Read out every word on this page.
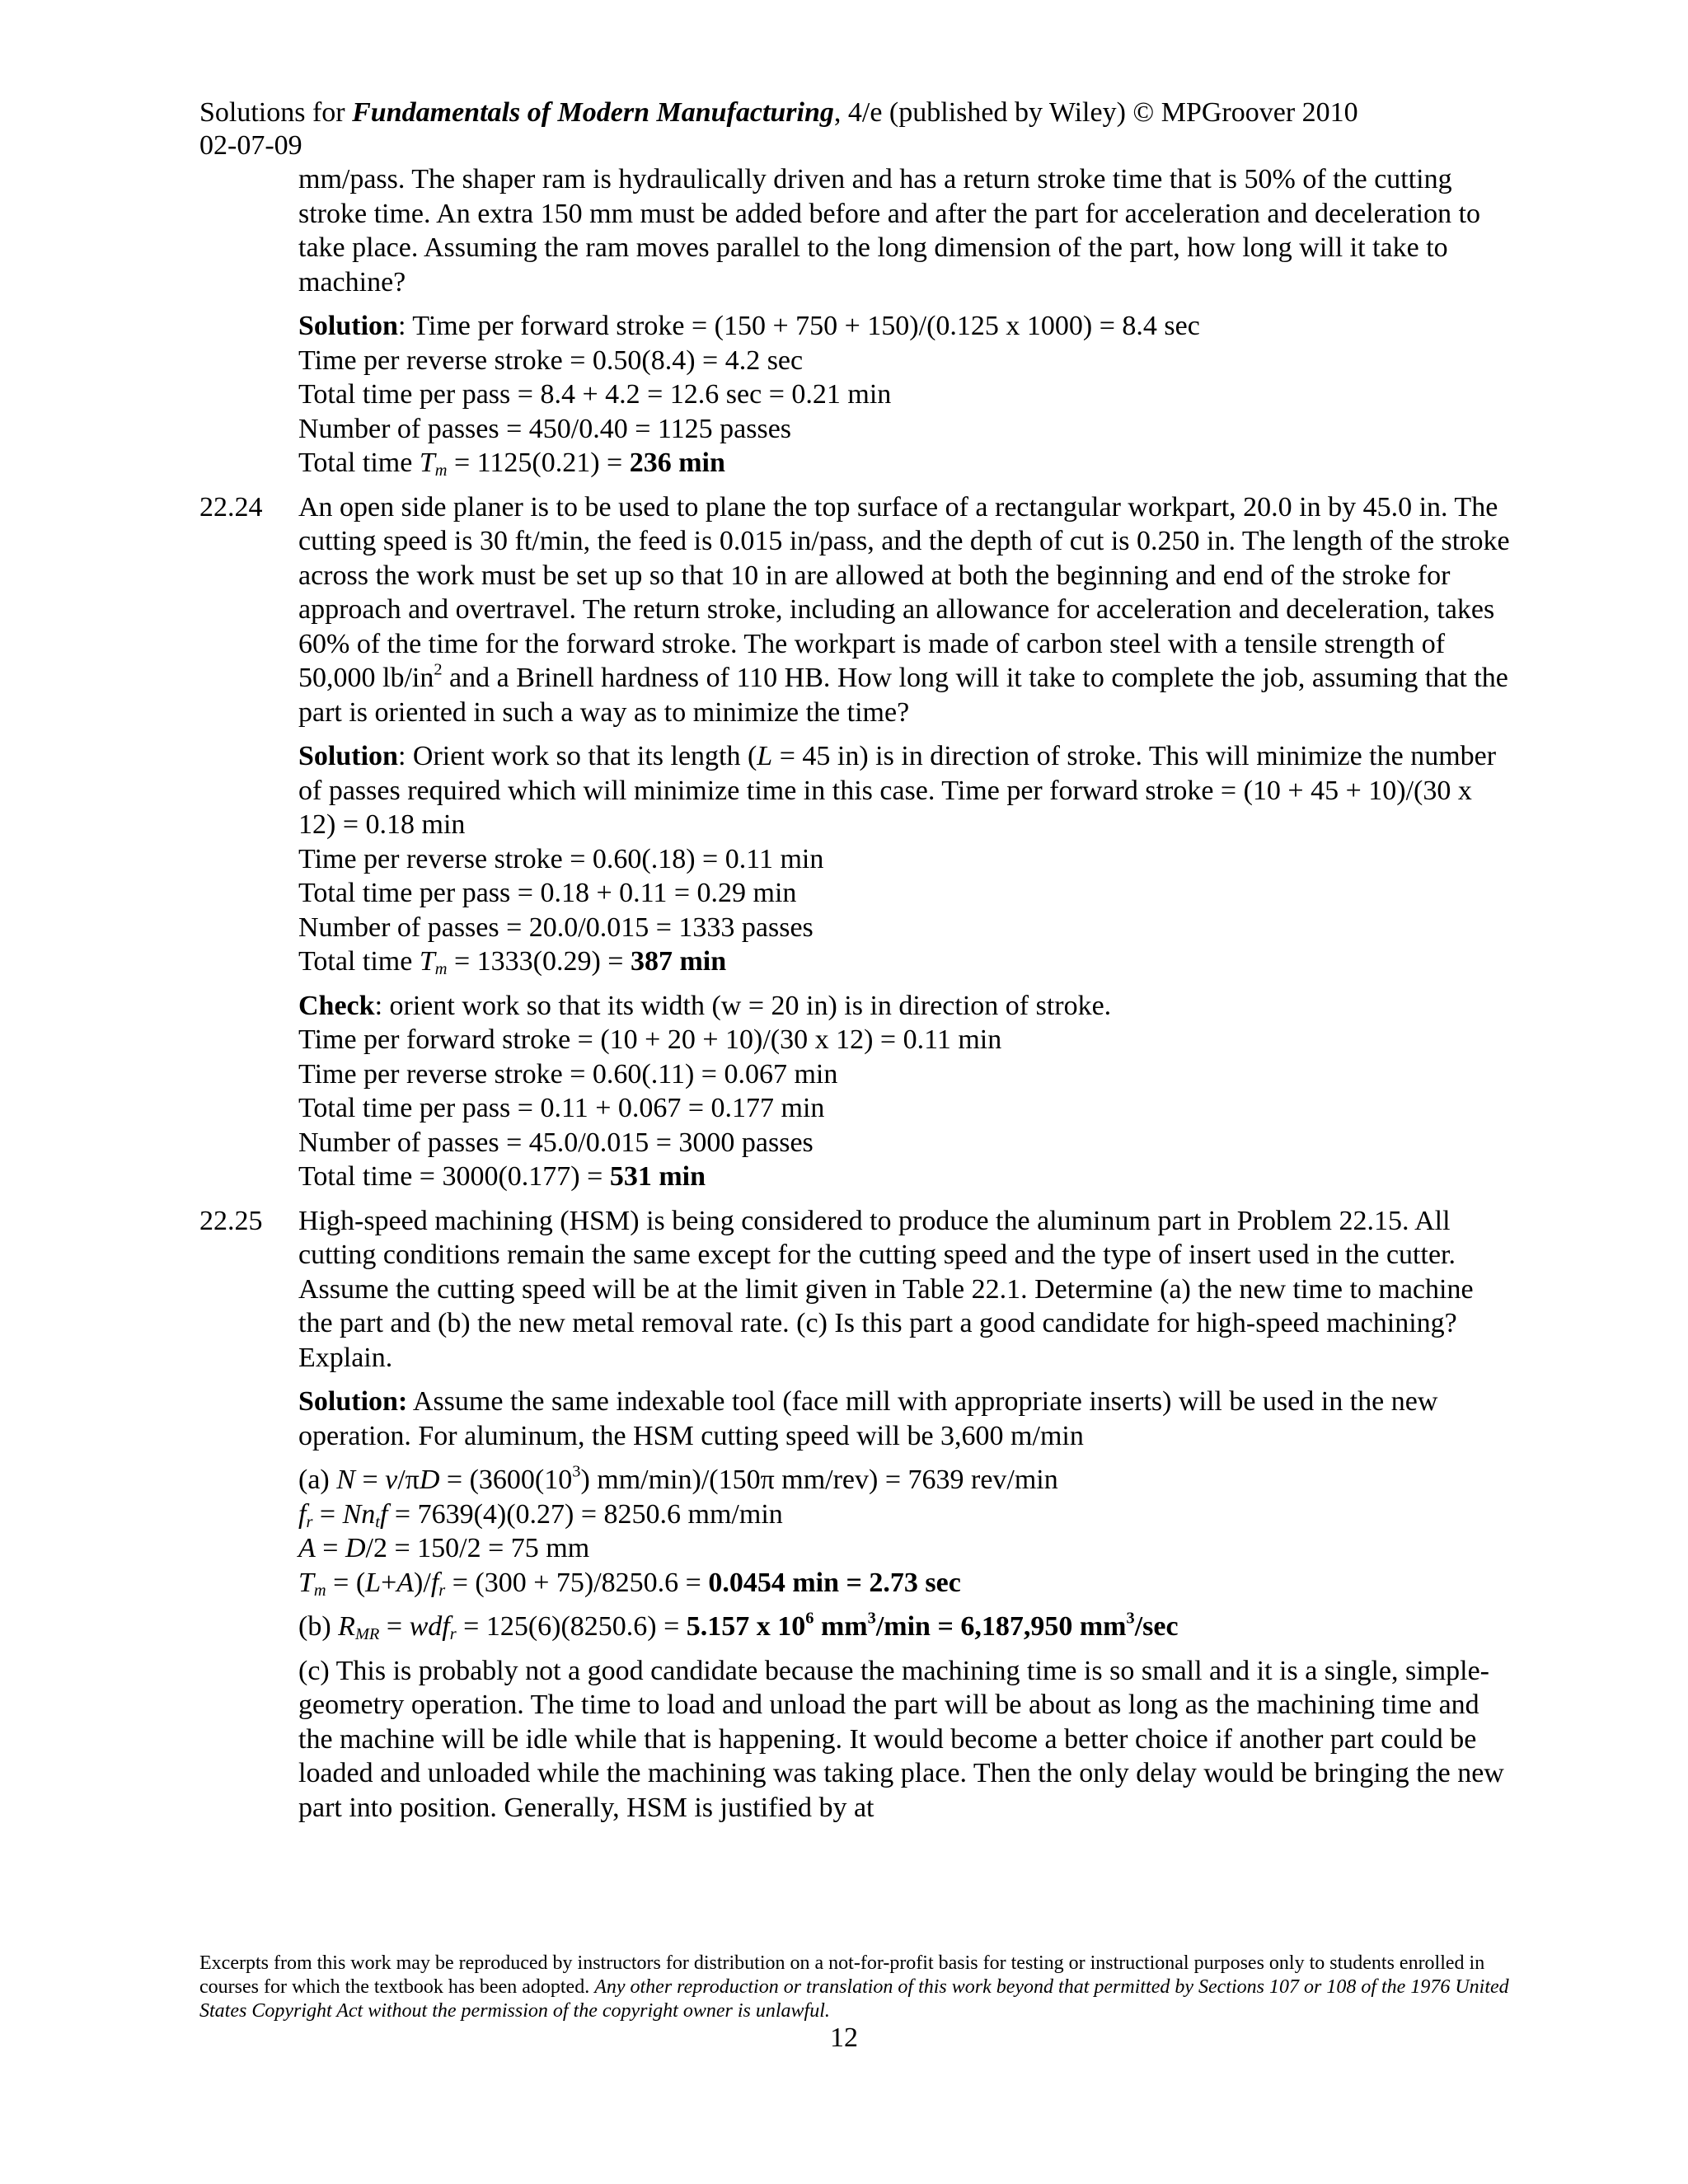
Solutions for Fundamentals of Modern Manufacturing, 4/e (published by Wiley) © MPGroover 2010
02-07-09

mm/pass. The shaper ram is hydraulically driven and has a return stroke time that is 50% of the cutting stroke time. An extra 150 mm must be added before and after the part for acceleration and deceleration to take place. Assuming the ram moves parallel to the long dimension of the part, how long will it take to machine?

Solution: Time per forward stroke = (150 + 750 + 150)/(0.125 x 1000) = 8.4 sec

Time per reverse stroke = 0.50(8.4) = 4.2 sec

Total time per pass = 8.4 + 4.2 = 12.6 sec = 0.21 min

Number of passes = 450/0.40 = 1125 passes

Total time $T_m = 1125(0.21) = 236$ min

22.24 An open side planer is to be used to plane the top surface of a rectangular workpart, 20.0 in by 45.0 in. The cutting speed is 30 ft/min, the feed is 0.015 in/pass, and the depth of cut is 0.250 in. The length of the stroke across the work must be set up so that 10 in are allowed at both the beginning and end of the stroke for approach and overtravel. The return stroke, including an allowance for acceleration and deceleration, takes 60% of the time for the forward stroke. The workpart is made of carbon steel with a tensile strength of 50,000 $lb/in^2$ and a Brinell hardness of 110 HB. How long will it take to complete the job, assuming that the part is oriented in such a way as to minimize the time?

Solution: Orient work so that its length (L = 45 in) is in direction of stroke. This will minimize the number of passes required which will minimize time in this case. Time per forward stroke = (10 + 45 + 10)/(30 x 12) = 0.18 min

Time per reverse stroke = 0.60(.18) = 0.11 min

Total time per pass = 0.18 + 0.11 = 0.29 min

Number of passes = 20.0/0.015 = 1333 passes

Total time $T_m = 1333(0.29) = 387$ min

Check: orient work so that its width (w = 20 in) is in direction of stroke.

Time per forward stroke = (10 + 20 + 10)/(30 x 12) = 0.11 min

Time per reverse stroke = 0.60(.11) = 0.067 min

Total time per pass = 0.11 + 0.067 = 0.177 min

Number of passes = 45.0/0.015 = 3000 passes

Total time = 3000(0.177) = 531 min

22.25 High-speed machining (HSM) is being considered to produce the aluminum part in Problem 22.15. All cutting conditions remain the same except for the cutting speed and the type of insert used in the cutter. Assume the cutting speed will be at the limit given in Table 22.1. Determine (a) the new time to machine the part and (b) the new metal removal rate. (c) Is this part a good candidate for high-speed machining? Explain.

Solution: Assume the same indexable tool (face mill with appropriate inserts) will be used in the new operation. For aluminum, the HSM cutting speed will be 3,600 m/min

(a) $N = v/\pi D = (3600(10^3)$ mm/min)/(150π mm/rev) = 7639 rev/min

$f_r = Nn_tf = 7639(4)(0.27) = 8250.6$ mm/min

A = D/2 = 150/2 = 75 mm

$T_m = (L+A)/f_r = (300 + 75)/8250.6 = 0.0454$ min = 2.73 sec

(b) $R_{MR} = wdf_r = 125(6)(8250.6) = 5.157$ x $10^6$ $mm^3/\min = 6,187,950$ $mm^3/\sec$

(c) This is probably not a good candidate because the machining time is so small and it is a single, simple-geometry operation. The time to load and unload the part will be about as long as the machining time and the machine will be idle while that is happening. It would become a better choice if another part could be loaded and unloaded while the machining was taking place. Then the only delay would be bringing the new part into position. Generally, HSM is justified by at

Excerpts from this work may be reproduced by instructors for distribution on a not-for-profit basis for testing or instructional purposes only to students enrolled in courses for which the textbook has been adopted. Any other reproduction or translation of this work beyond that permitted by Sections 107 or 108 of the 1976 United States Copyright Act without the permission of the copyright owner is unlawful.
12
